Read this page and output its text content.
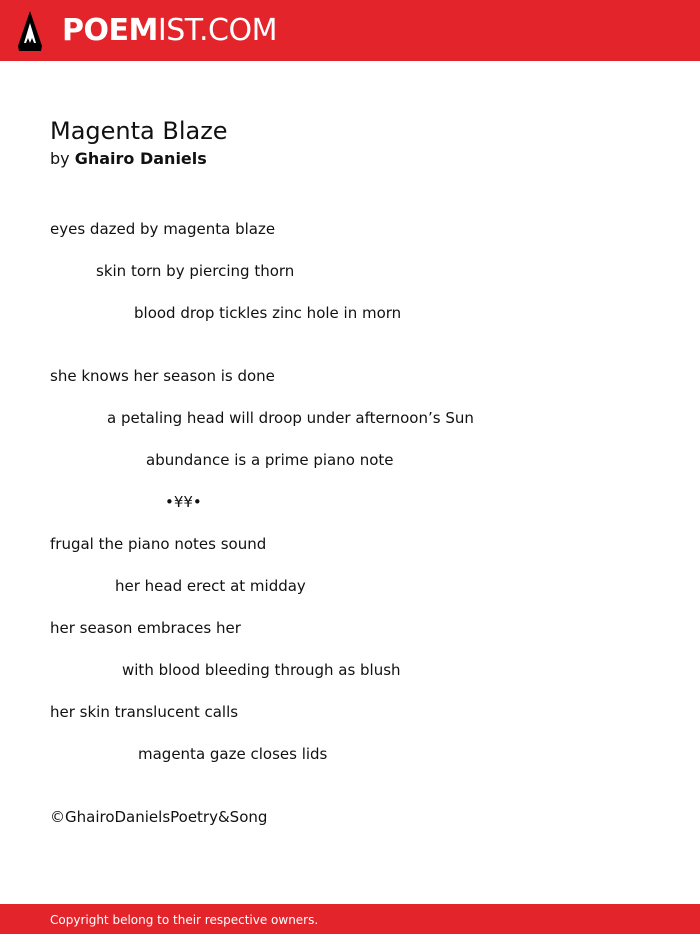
POEMIST.COM
Magenta Blaze
by Ghairo Daniels
eyes dazed by magenta blaze
skin torn by piercing thorn
blood drop tickles zinc hole in morn
she knows her season is done
a petaling head will droop under afternoon’s Sun
abundance is a prime piano note
•¥¥•
frugal the piano notes sound
her head erect at midday
her season embraces her
with blood bleeding through as blush
her skin translucent calls
magenta gaze closes lids
©GhairoDanielsPoetry&Song
Copyright belong to their respective owners.
